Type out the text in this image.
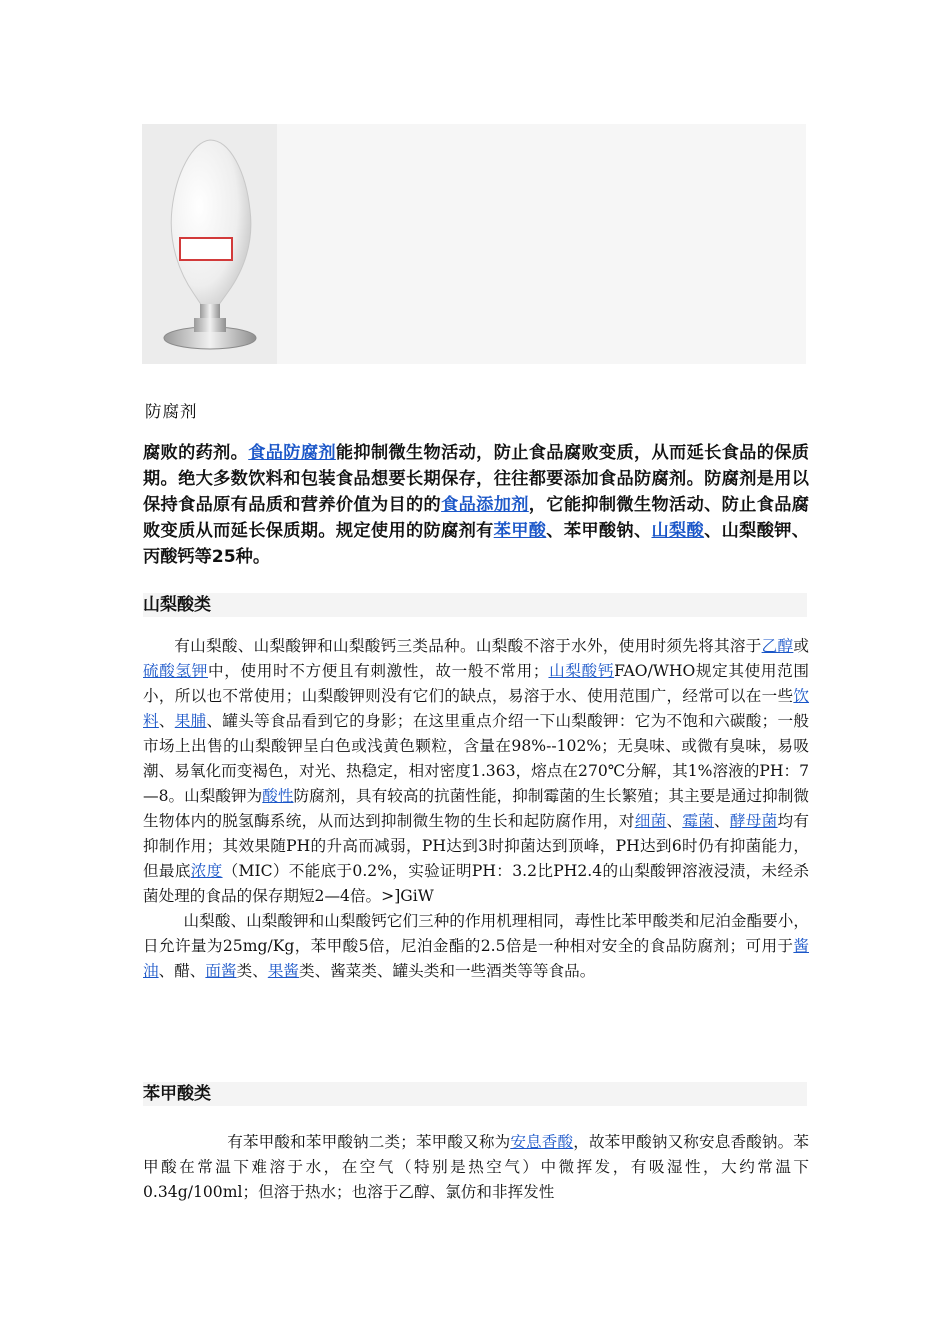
防腐剂

腐败的药剂。食品防腐剂能抑制微生物活动，防止食品腐败变质，从而延长食品的保质期。绝大多数饮料和包装食品想要长期保存，往往都要添加食品防腐剂。防腐剂是用以保持食品原有品质和营养价值为目的的食品添加剂，它能抑制微生物活动、防止食品腐败变质从而延长保质期。规定使用的防腐剂有苯甲酸、苯甲酸钠、山梨酸、山梨酸钾、丙酸钙等25种。

山梨酸类

有山梨酸、山梨酸钾和山梨酸钙三类品种。山梨酸不溶于水外，使用时须先将其溶于乙醇或硫酸氢钾中，使用时不方便且有刺激性，故一般不常用；山梨酸钙FAO/WHO规定其使用范围小，所以也不常使用；山梨酸钾则没有它们的缺点，易溶于水、使用范围广，经常可以在一些饮料、果脯、罐头等食品看到它的身影；在这里重点介绍一下山梨酸钾：它为不饱和六碳酸；一般市场上出售的山梨酸钾呈白色或浅黄色颗粒，含量在98%--102%；无臭味、或微有臭味，易吸潮、易氧化而变褐色，对光、热稳定，相对密度1.363，熔点在270℃分解，其1%溶液的PH：7—8。山梨酸钾为酸性防腐剂，具有较高的抗菌性能，抑制霉菌的生长繁殖；其主要是通过抑制微生物体内的脱氢酶系统，从而达到抑制微生物的生长和起防腐作用，对细菌、霉菌、酵母菌均有抑制作用；其效果随PH的升高而减弱，PH达到3时抑菌达到顶峰，PH达到6时仍有抑菌能力，但最底浓度（MIC）不能底于0.2%，实验证明PH：3.2比PH2.4的山梨酸钾溶液浸渍，未经杀菌处理的食品的保存期短2—4倍。>]GiW

山梨酸、山梨酸钾和山梨酸钙它们三种的作用机理相同，毒性比苯甲酸类和尼泊金酯要小，日允许量为25mg/Kg，苯甲酸5倍，尼泊金酯的2.5倍是一种相对安全的食品防腐剂；可用于酱油、醋、面酱类、果酱类、酱菜类、罐头类和一些酒类等等食品。

苯甲酸类

有苯甲酸和苯甲酸钠二类；苯甲酸又称为安息香酸，故苯甲酸钠又称安息香酸钠。苯甲酸在常温下难溶于水，在空气（特别是热空气）中微挥发，有吸湿性，大约常温下0.34g/100ml；但溶于热水；也溶于乙醇、氯仿和非挥发性
